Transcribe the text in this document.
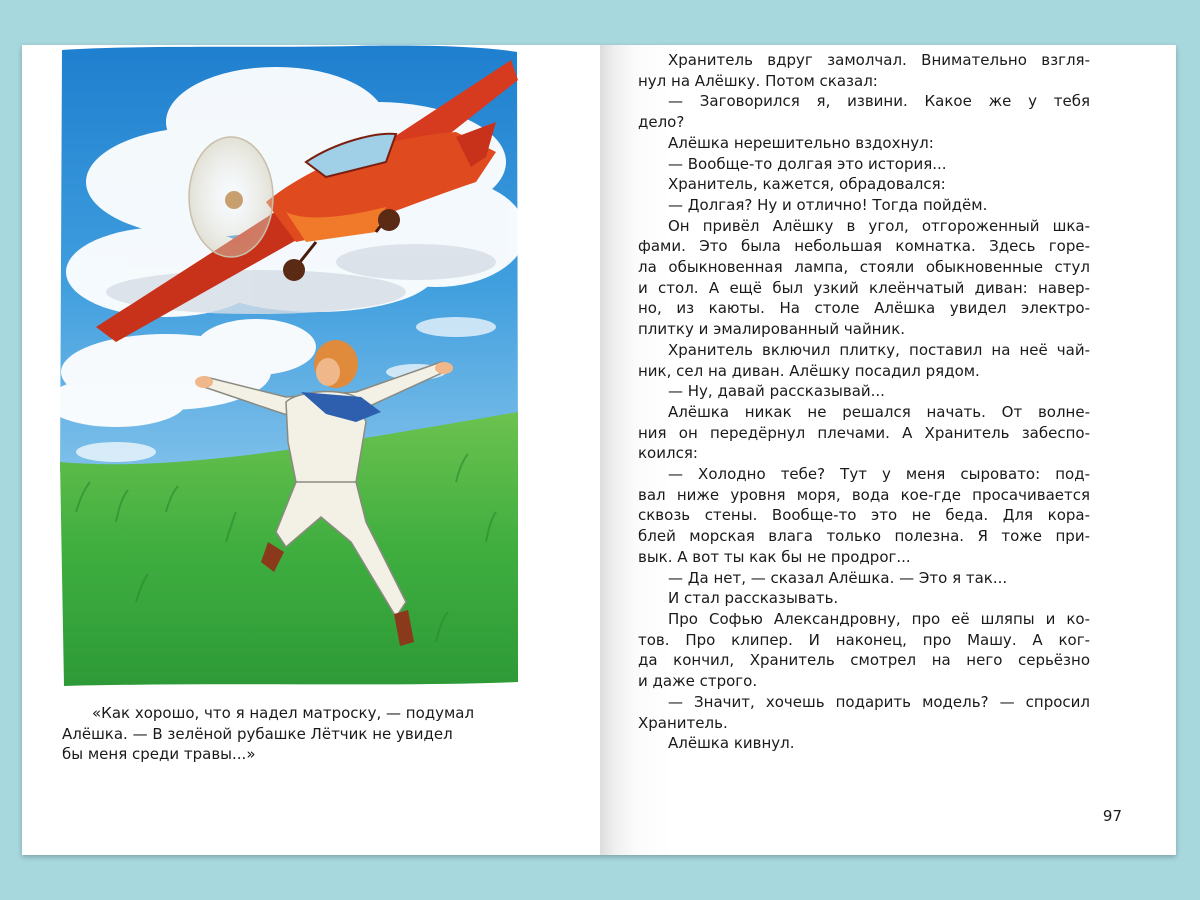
«Как хорошо, что я надел матроску, — подумал
Алёшка. — В зелёной рубашке Лётчик не увидел
бы меня среди травы...»
Хранитель вдруг замолчал. Внимательно взгля-
нул на Алёшку. Потом сказал:
— Заговорился я, извини. Какое же у тебя
дело?
Алёшка нерешительно вздохнул:
— Вообще-то долгая это история...
Хранитель, кажется, обрадовался:
— Долгая? Ну и отлично! Тогда пойдём.
Он привёл Алёшку в угол, отгороженный шка-
фами. Это была небольшая комнатка. Здесь горе-
ла обыкновенная лампа, стояли обыкновенные стул
и стол. А ещё был узкий клеёнчатый диван: навер-
но, из каюты. На столе Алёшка увидел электро-
плитку и эмалированный чайник.
Хранитель включил плитку, поставил на неё чай-
ник, сел на диван. Алёшку посадил рядом.
— Ну, давай рассказывай...
Алёшка никак не решался начать. От волне-
ния он передёрнул плечами. А Хранитель забеспо-
коился:
— Холодно тебе? Тут у меня сыровато: под-
вал ниже уровня моря, вода кое-где просачивается
сквозь стены. Вообще-то это не беда. Для кора-
блей морская влага только полезна. Я тоже при-
вык. А вот ты как бы не продрог...
— Да нет, — сказал Алёшка. — Это я так...
И стал рассказывать.
Про Софью Александровну, про её шляпы и ко-
тов. Про клипер. И наконец, про Машу. А ког-
да кончил, Хранитель смотрел на него серьёзно
и даже строго.
— Значит, хочешь подарить модель? — спросил
Хранитель.
Алёшка кивнул.
97
